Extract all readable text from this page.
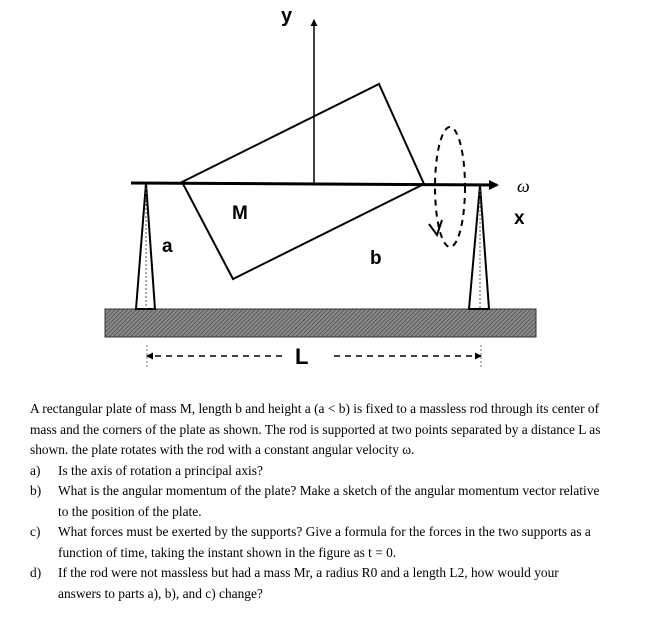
y
x
ω
M
a
b
L

A rectangular plate of mass M, length b and height a (a < b) is fixed to a massless rod through its center of mass and the corners of the plate as shown. The rod is supported at two points separated by a distance L as shown. the plate rotates with the rod with a constant angular velocity ω.

a)	Is the axis of rotation a principal axis?
b)	What is the angular momentum of the plate? Make a sketch of the angular momentum vector relative to the position of the plate.
c)	What forces must be exerted by the supports? Give a formula for the forces in the two supports as a function of time, taking the instant shown in the figure as t = 0.
d)	If the rod were not massless but had a mass Mr, a radius R0 and a length L2, how would your answers to parts a), b), and c) change?
